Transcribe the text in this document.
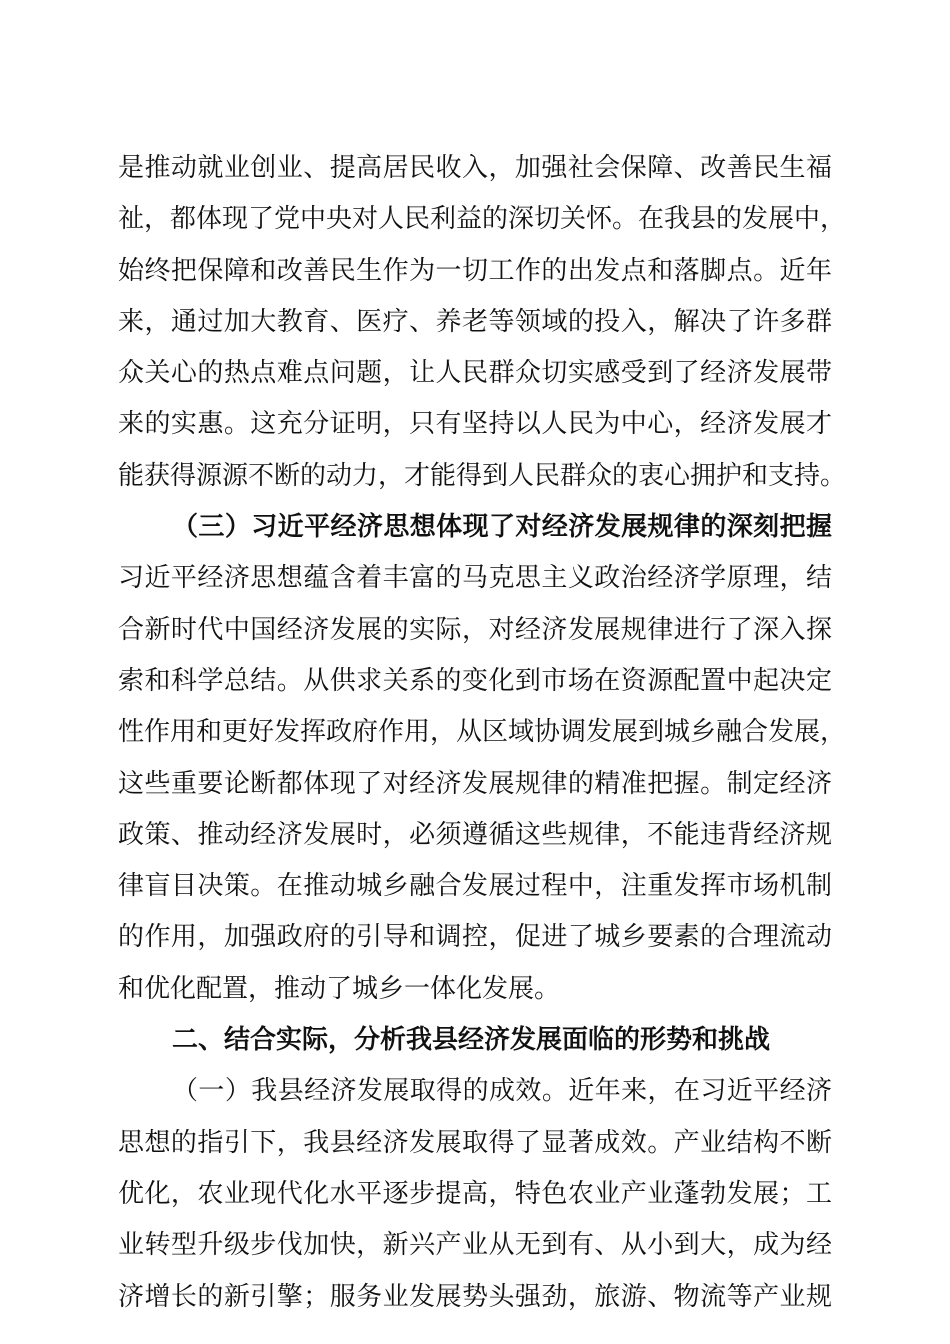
是推动就业创业、提高居民收入，加强社会保障、改善民生福
祉，都体现了党中央对人民利益的深切关怀。在我县的发展中，
始终把保障和改善民生作为一切工作的出发点和落脚点。近年
来，通过加大教育、医疗、养老等领域的投入，解决了许多群
众关心的热点难点问题，让人民群众切实感受到了经济发展带
来的实惠。这充分证明，只有坚持以人民为中心，经济发展才
能获得源源不断的动力，才能得到人民群众的衷心拥护和支持。
（三）习近平经济思想体现了对经济发展规律的深刻把握
习近平经济思想蕴含着丰富的马克思主义政治经济学原理，结
合新时代中国经济发展的实际，对经济发展规律进行了深入探
索和科学总结。从供求关系的变化到市场在资源配置中起决定
性作用和更好发挥政府作用，从区域协调发展到城乡融合发展，
这些重要论断都体现了对经济发展规律的精准把握。制定经济
政策、推动经济发展时，必须遵循这些规律，不能违背经济规
律盲目决策。在推动城乡融合发展过程中，注重发挥市场机制
的作用，加强政府的引导和调控，促进了城乡要素的合理流动
和优化配置，推动了城乡一体化发展。
二、结合实际，分析我县经济发展面临的形势和挑战
（一）我县经济发展取得的成效。近年来，在习近平经济
思想的指引下，我县经济发展取得了显著成效。产业结构不断
优化，农业现代化水平逐步提高，特色农业产业蓬勃发展；工
业转型升级步伐加快，新兴产业从无到有、从小到大，成为经
济增长的新引擎；服务业发展势头强劲，旅游、物流等产业规
